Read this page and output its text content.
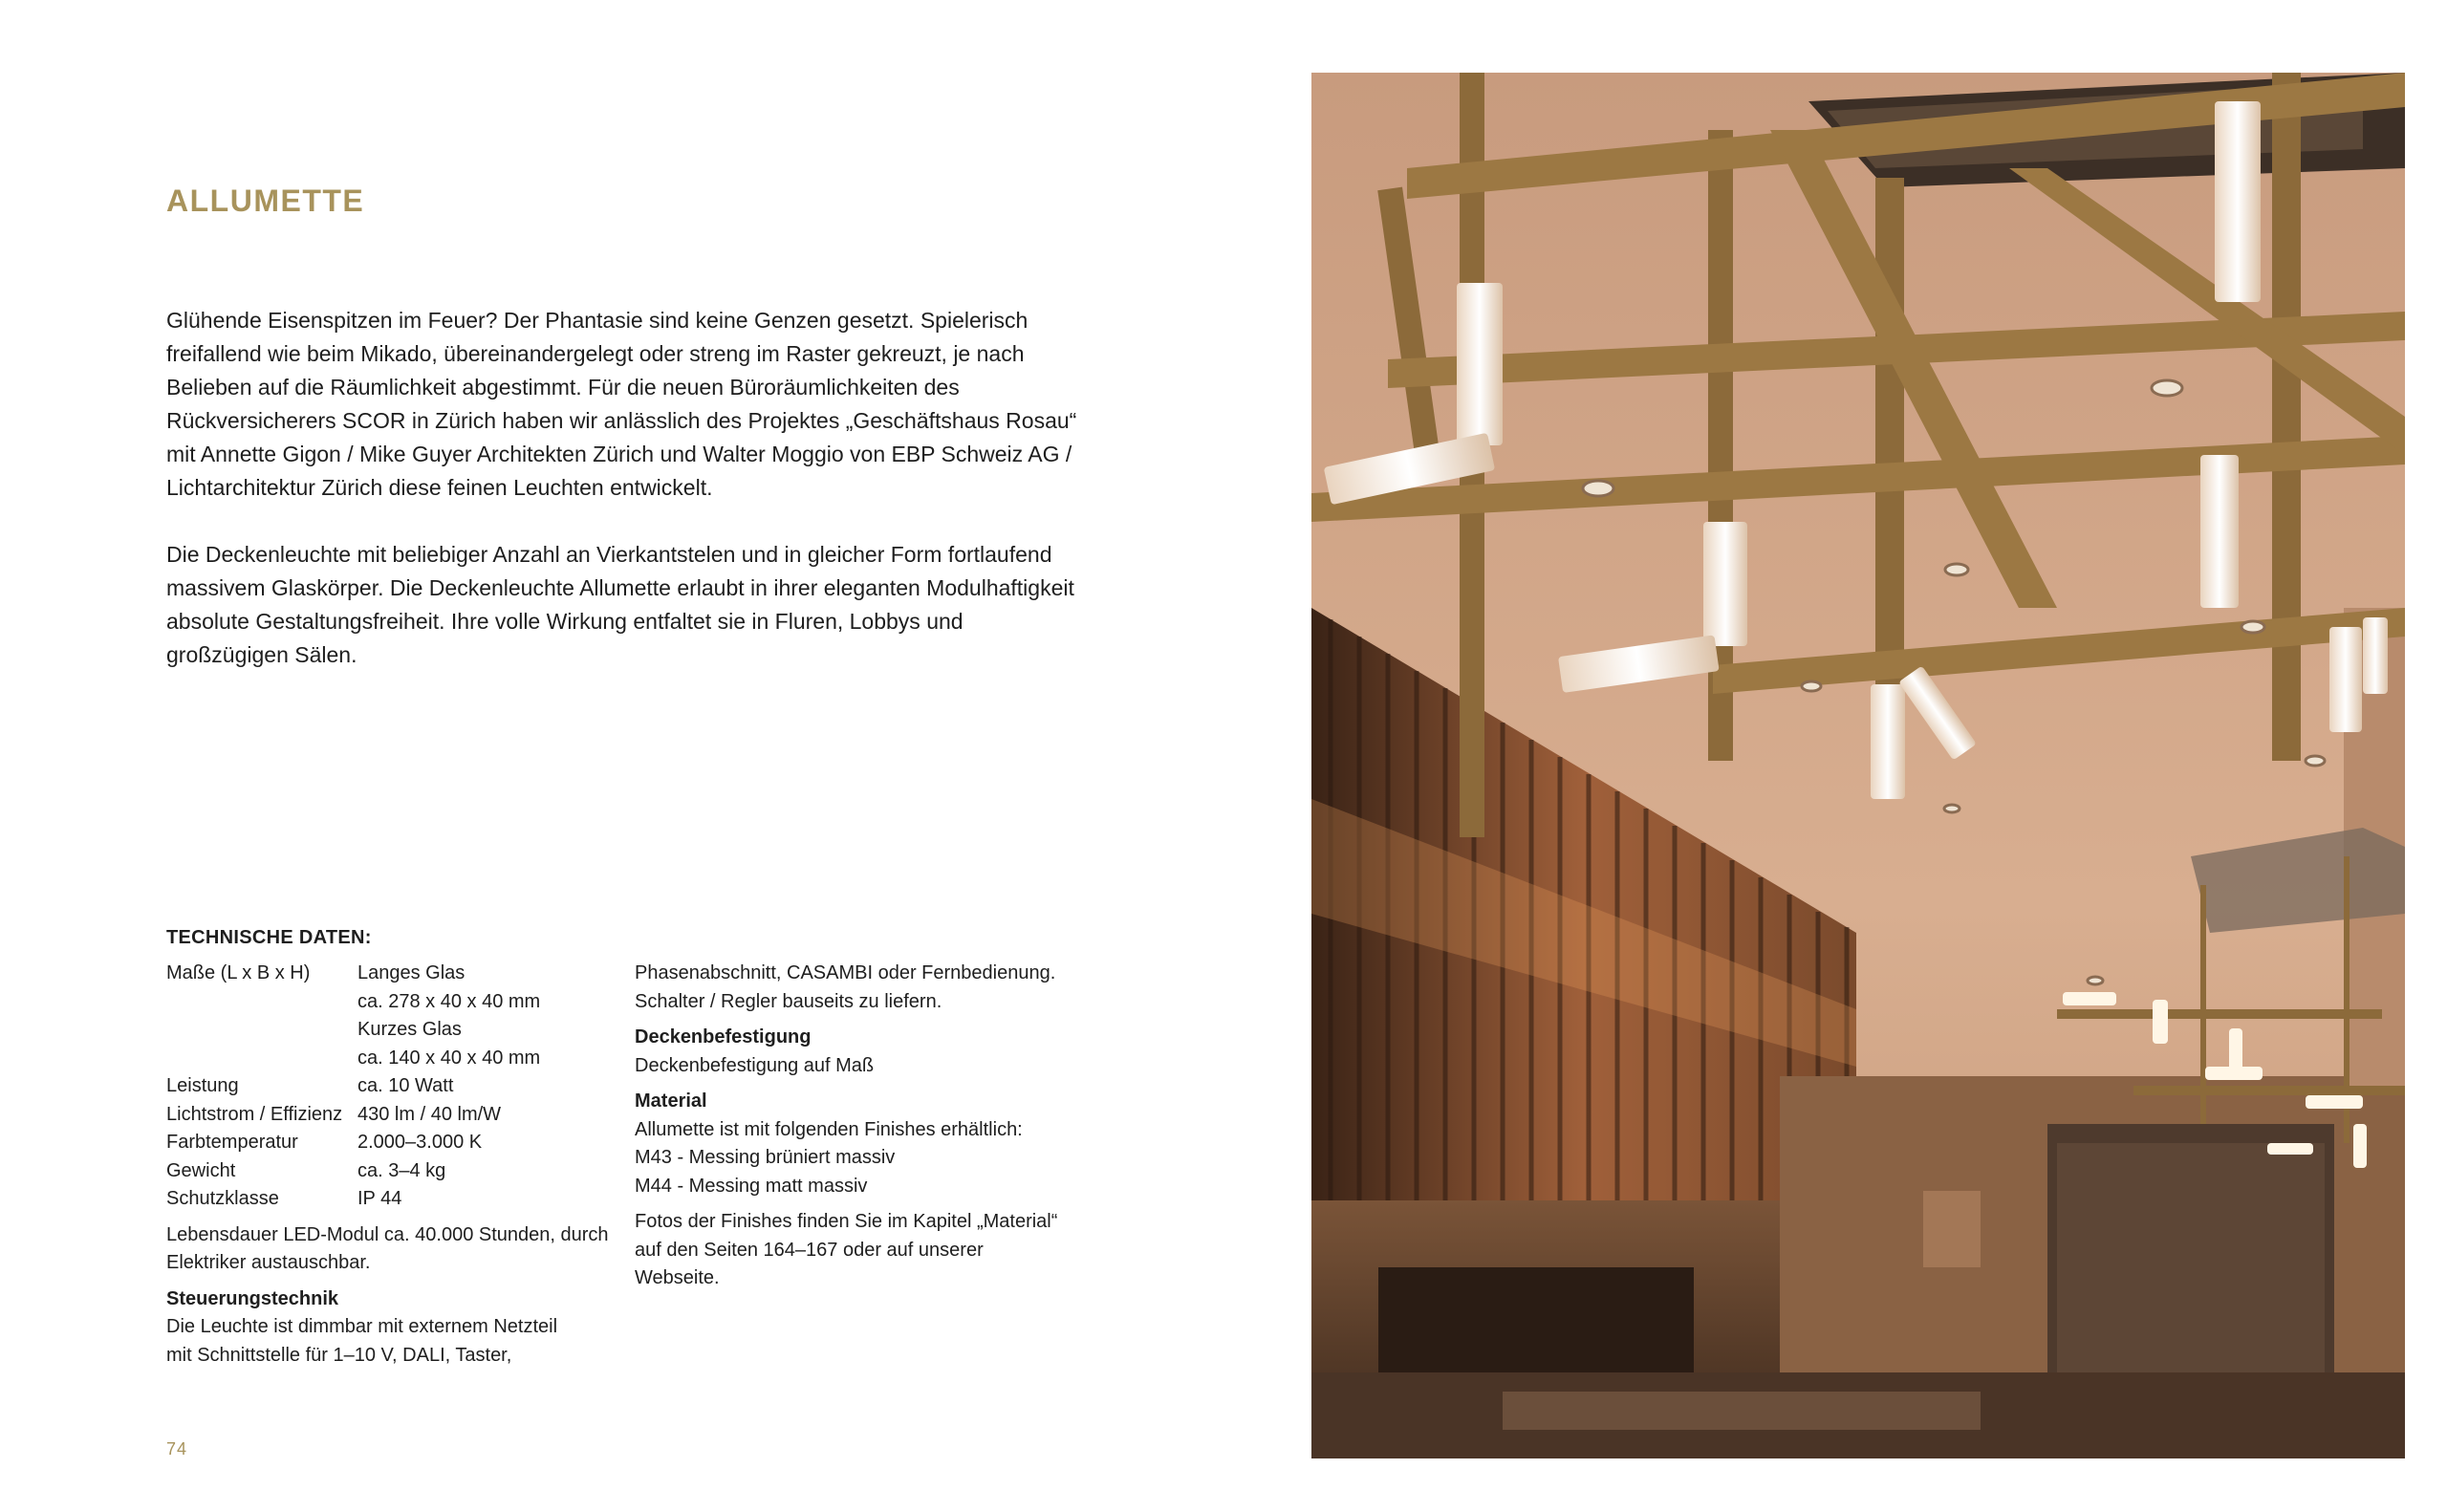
ALLUMETTE

Glühende Eisenspitzen im Feuer? Der Phantasie sind keine Genzen gesetzt. Spielerisch freifallend wie beim Mikado, übereinandergelegt oder streng im Raster gekreuzt, je nach Belieben auf die Räumlichkeit abgestimmt. Für die neuen Büroräumlichkeiten des Rückversicherers SCOR in Zürich haben wir anlässlich des Projektes „Geschäftshaus Rosau“ mit Annette Gigon / Mike Guyer Architekten Zürich und Walter Moggio von EBP Schweiz AG / Lichtarchitektur Zürich diese feinen Leuchten entwickelt.

Die Deckenleuchte mit beliebiger Anzahl an Vierkantstelen und in gleicher Form fortlaufend massivem Glaskörper. Die Deckenleuchte Allumette erlaubt in ihrer eleganten Modulhaftigkeit absolute Gestaltungsfreiheit. Ihre volle Wirkung entfaltet sie in Fluren, Lobbys und großzügigen Sälen.

TECHNISCHE DATEN:
Maße (L x B x H)	Langes Glas
ca. 278 x 40 x 40 mm
Kurzes Glas
ca. 140 x 40 x 40 mm
Leistung	ca. 10 Watt
Lichtstrom / Effizienz 430 lm / 40 lm/W
Farbtemperatur	2.000–3.000 K
Gewicht	ca. 3–4 kg
Schutzklasse	IP 44
Lebensdauer LED-Modul ca. 40.000 Stunden, durch
Elektriker austauschbar.
Steuerungstechnik
Die Leuchte ist dimmbar mit externem Netzteil
mit Schnittstelle für 1–10 V, DALI, Taster,
Phasenabschnitt, CASAMBI oder Fernbedienung.
Schalter / Regler bauseits zu liefern.
Deckenbefestigung
Deckenbefestigung auf Maß
Material
Allumette ist mit folgenden Finishes erhältlich:
M43 - Messing brüniert massiv
M44 - Messing matt massiv
Fotos der Finishes finden Sie im Kapitel „Material“
auf den Seiten 164–167 oder auf unserer
Webseite.
74
